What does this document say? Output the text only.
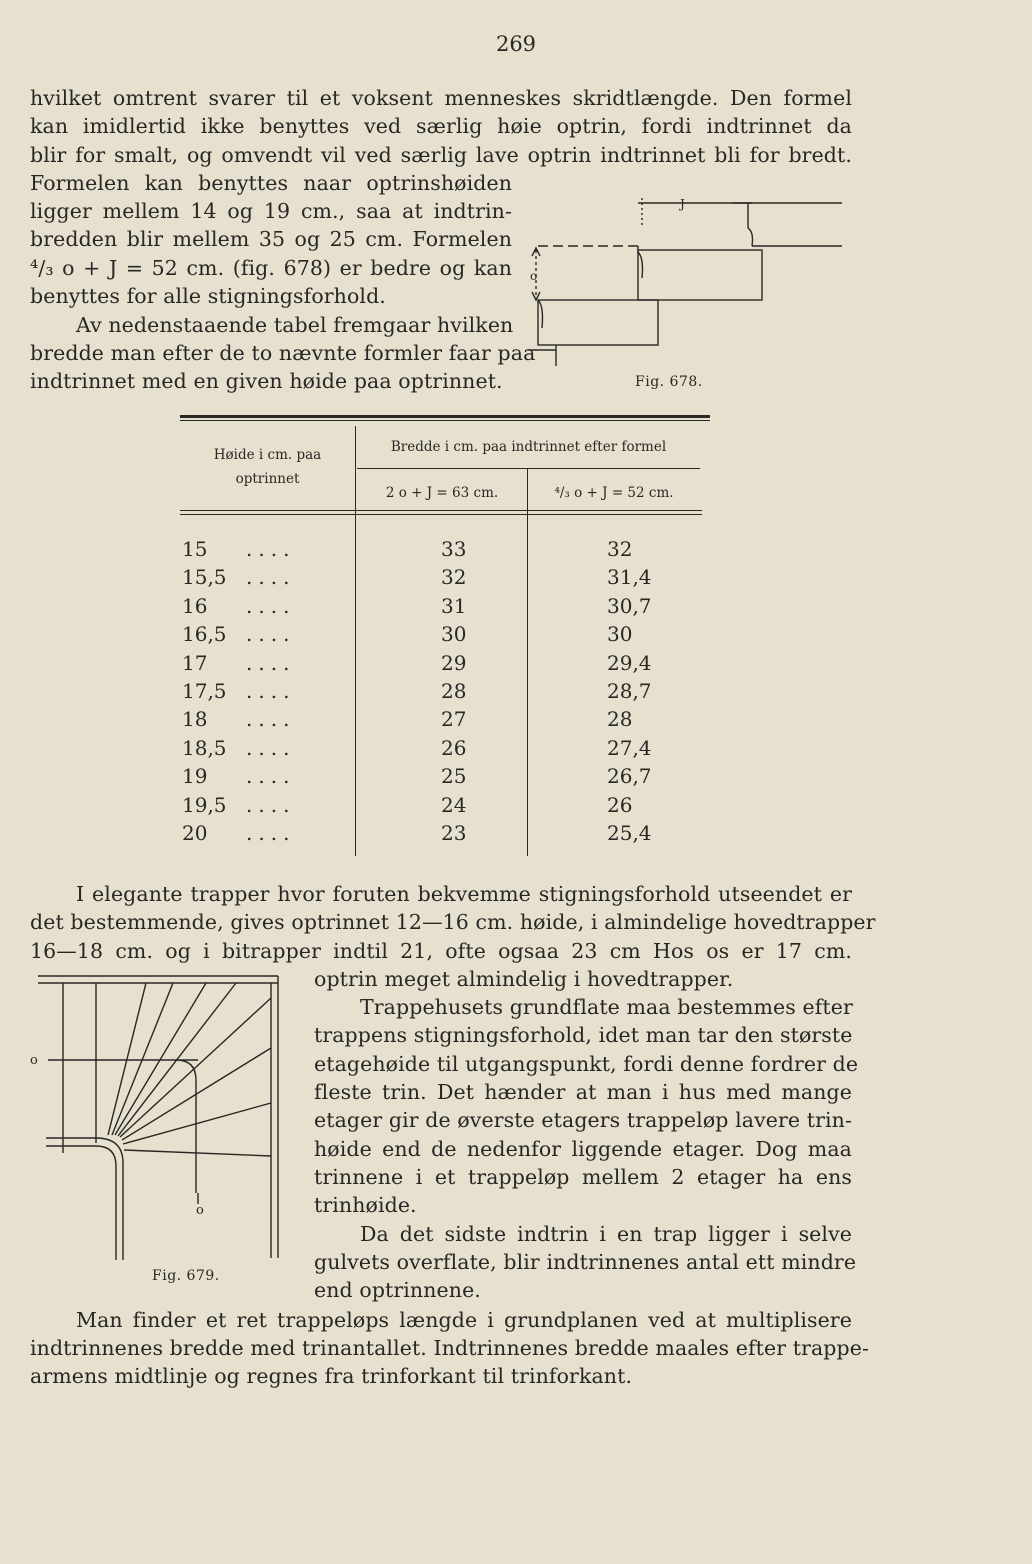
269
hvilket omtrent svarer til et voksent menneskes skridtlængde. Den formel
kan imidlertid ikke benyttes ved særlig høie optrin, fordi indtrinnet da
blir for smalt, og omvendt vil ved særlig lave optrin indtrinnet bli for bredt.
Formelen kan benyttes naar optrinshøiden
ligger mellem 14 og 19 cm., saa at indtrin-
bredden blir mellem 35 og 25 cm. Formelen
⁴/₃ o + J = 52 cm. (fig. 678) er bedre og kan
benyttes for alle stigningsforhold.
Av nedenstaaende tabel fremgaar hvilken
bredde man efter de to nævnte formler faar paa
indtrinnet med en given høide paa optrinnet.
J
o
Fig. 678.
Høide i cm. paa
optrinnet
Bredde i cm. paa indtrinnet efter formel
2 o + J = 63 cm.	⁴/₃ o + J = 52 cm.
15 ....	33	32
15,5 ....	32	31,4
16 ....	31	30,7
16,5 ....	30	30
17 ....	29	29,4
17,5 ....	28	28,7
18 ....	27	28
18,5 ....	26	27,4
19 ....	25	26,7
19,5 ....	24	26
20 ....	23	25,4
I elegante trapper hvor foruten bekvemme stigningsforhold utseendet er
det bestemmende, gives optrinnet 12—16 cm. høide, i almindelige hovedtrapper
16—18 cm. og i bitrapper indtil 21, ofte ogsaa 23 cm Hos os er 17 cm.
optrin meget almindelig i hovedtrapper.
Trappehusets grundflate maa bestemmes efter
trappens stigningsforhold, idet man tar den største
etagehøide til utgangspunkt, fordi denne fordrer de
fleste trin. Det hænder at man i hus med mange
etager gir de øverste etagers trappeløp lavere trin-
høide end de nedenfor liggende etager. Dog maa
trinnene i et trappeløp mellem 2 etager ha ens
trinhøide.
Da det sidste indtrin i en trap ligger i selve
gulvets overflate, blir indtrinnenes antal ett mindre
end optrinnene.
Man finder et ret trappeløps længde i grundplanen ved at multiplisere
indtrinnenes bredde med trinantallet. Indtrinnenes bredde maales efter trappe-
armens midtlinje og regnes fra trinforkant til trinforkant.
o
o
Fig. 679.
